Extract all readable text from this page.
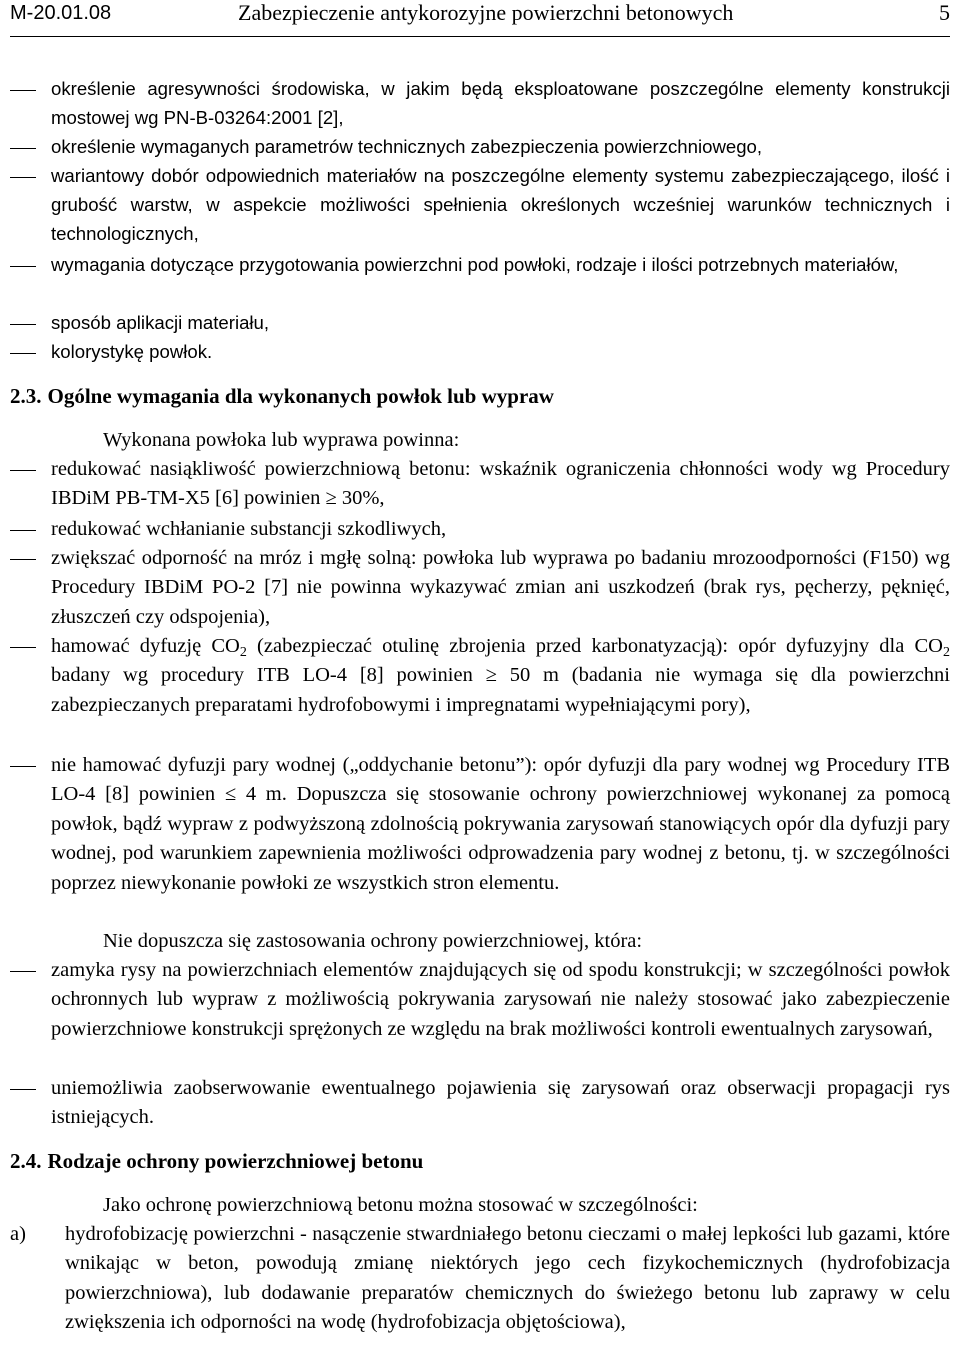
M-20.01.08	Zabezpieczenie antykorozyjne powierzchni betonowych	5
określenie agresywności środowiska, w jakim będą eksploatowane poszczególne elementy konstrukcji mostowej wg PN-B-03264:2001 [2],
określenie wymaganych parametrów technicznych zabezpieczenia powierzchniowego,
wariantowy dobór odpowiednich materiałów na poszczególne elementy systemu zabezpieczającego, ilość i grubość warstw, w aspekcie możliwości spełnienia określonych wcześniej warunków technicznych i technologicznych,
wymagania dotyczące przygotowania powierzchni pod powłoki, rodzaje i ilości potrzebnych materiałów,
sposób aplikacji materiału,
kolorystykę powłok.
2.3. Ogólne wymagania dla wykonanych powłok lub wypraw
Wykonana powłoka lub wyprawa powinna:
redukować nasiąkliwość powierzchniową betonu: wskaźnik ograniczenia chłonności wody wg Procedury IBDiM PB-TM-X5 [6] powinien ≥ 30%,
redukować wchłanianie substancji szkodliwych,
zwiększać odporność na mróz i mgłę solną: powłoka lub wyprawa po badaniu mrozoodporności (F150) wg Procedury IBDiM PO-2 [7] nie powinna wykazywać zmian ani uszkodzeń (brak rys, pęcherzy, pęknięć, złuszczeń czy odspojenia),
hamować dyfuzję $CO_2$ (zabezpieczać otulinę zbrojenia przed karbonatyzacją): opór dyfuzyjny dla $CO_2$ badany wg procedury ITB LO-4 [8] powinien ≥ 50 m (badania nie wymaga się dla powierzchni zabezpieczanych preparatami hydrofobowymi i impregnatami wypełniającymi pory),
nie hamować dyfuzji pary wodnej („oddychanie betonu”): opór dyfuzji dla pary wodnej wg Procedury ITB LO-4 [8] powinien ≤ 4 m. Dopuszcza się stosowanie ochrony powierzchniowej wykonanej za pomocą powłok, bądź wypraw z podwyższoną zdolnością pokrywania zarysowań stanowiących opór dla dyfuzji pary wodnej, pod warunkiem zapewnienia możliwości odprowadzenia pary wodnej z betonu, tj. w szczególności poprzez niewykonanie powłoki ze wszystkich stron elementu.
Nie dopuszcza się zastosowania ochrony powierzchniowej, która:
zamyka rysy na powierzchniach elementów znajdujących się od spodu konstrukcji; w szczególności powłok ochronnych lub wypraw z możliwością pokrywania zarysowań nie należy stosować jako zabezpieczenie powierzchniowe konstrukcji sprężonych ze względu na brak możliwości kontroli ewentualnych zarysowań,
uniemożliwia zaobserwowanie ewentualnego pojawienia się zarysowań oraz obserwacji propagacji rys istniejących.
2.4. Rodzaje ochrony powierzchniowej betonu
Jako ochronę powierzchniową betonu można stosować w szczególności:
a) hydrofobizację powierzchni - nasączenie stwardniałego betonu cieczami o małej lepkości lub gazami, które wnikając w beton, powodują zmianę niektórych jego cech fizykochemicznych (hydrofobizacja powierzchniowa), lub dodawanie preparatów chemicznych do świeżego betonu lub zaprawy w celu zwiększenia ich odporności na wodę (hydrofobizacja objętościowa),
